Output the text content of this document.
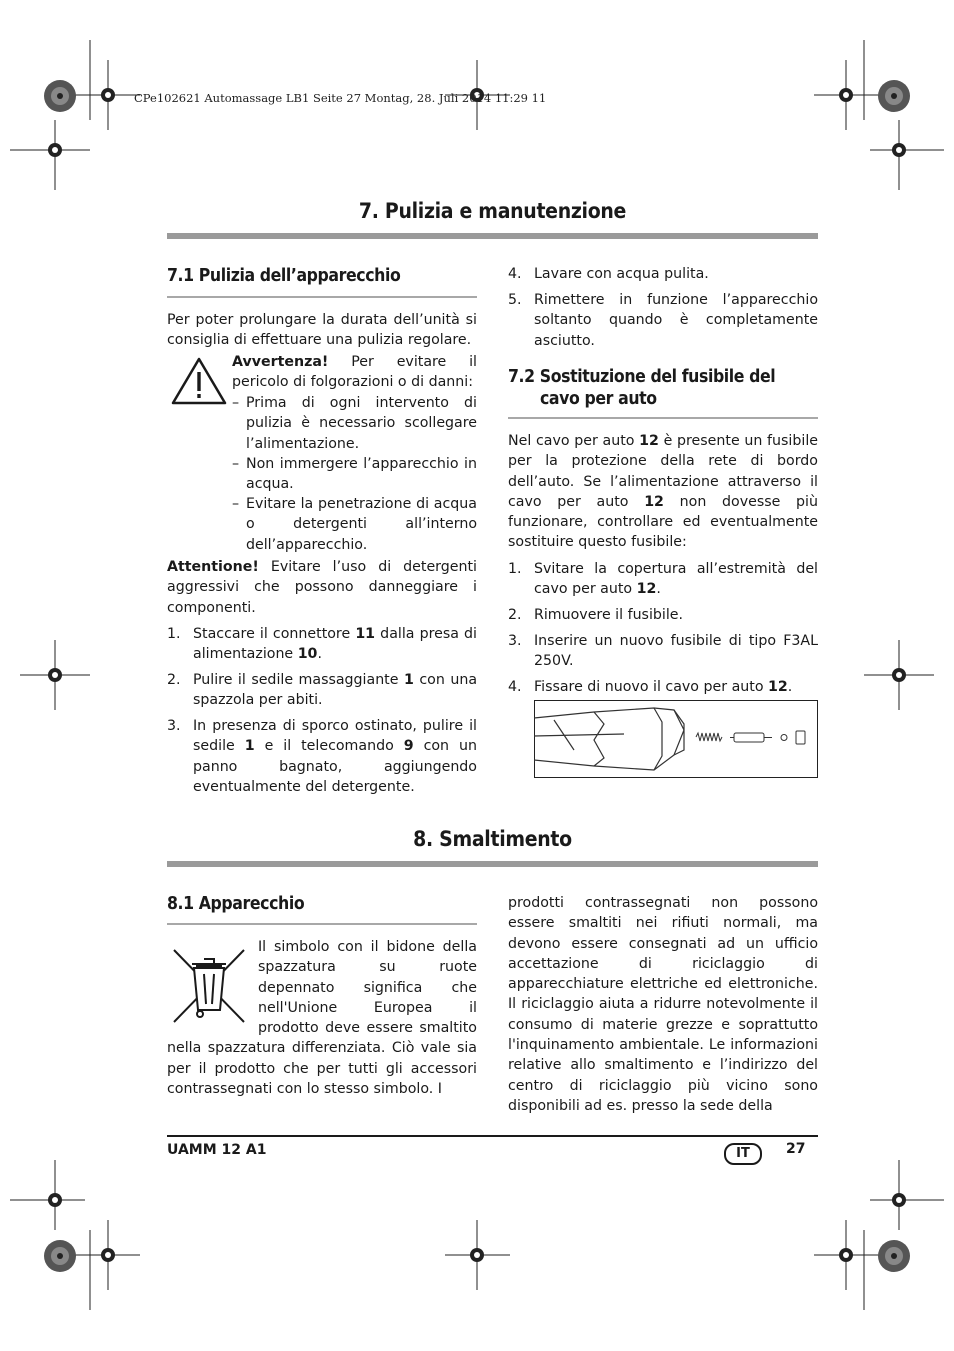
CPe102621 Automassage LB1 Seite 27 Montag, 28. Juli 2014 11:29 11
7. Pulizia e manutenzione
7.1 Pulizia dell’apparecchio
Per poter prolungare la durata dell’unità si consiglia di effettuare una pulizia regolare.
Avvertenza! Per evitare il pericolo di folgorazioni o di danni:
– Prima di ogni intervento di pulizia è necessario scollegare l’alimentazione.
– Non immergere l’apparecchio in acqua.
– Evitare la penetrazione di acqua o detergenti all’interno dell’apparecchio.
Attentione! Evitare l’uso di detergenti aggressivi che possono danneggiare i componenti.
1. Staccare il connettore 11 dalla presa di alimentazione 10.
2. Pulire il sedile massaggiante 1 con una spazzola per abiti.
3. In presenza di sporco ostinato, pulire il sedile 1 e il telecomando 9 con un panno bagnato, aggiungendo eventualmente del detergente.
4. Lavare con acqua pulita.
5. Rimettere in funzione l’apparecchio soltanto quando è completamente asciutto.
7.2 Sostituzione del fusibile del cavo per auto
Nel cavo per auto 12 è presente un fusibile per la protezione della rete di bordo dell’auto. Se l’alimentazione attraverso il cavo per auto 12 non dovesse più funzionare, controllare ed eventualmente sostituire questo fusibile:
1. Svitare la copertura all’estremità del cavo per auto 12.
2. Rimuovere il fusibile.
3. Inserire un nuovo fusibile di tipo F3AL 250V.
4. Fissare di nuovo il cavo per auto 12.
8. Smaltimento
8.1 Apparecchio
Il simbolo con il bidone della spazzatura su ruote depennato significa che nell'Unione Europea il prodotto deve essere smaltito nella spazzatura differenziata. Ciò vale sia per il prodotto che per tutti gli accessori contrassegnati con lo stesso simbolo. I
prodotti contrassegnati non possono essere smaltiti nei rifiuti normali, ma devono essere consegnati ad un ufficio accettazione di riciclaggio di apparecchiature elettriche ed elettroniche. Il riciclaggio aiuta a ridurre notevolmente il consumo di materie grezze e soprattutto l'inquinamento ambientale. Le informazioni relative allo smaltimento e l’indirizzo del centro di riciclaggio più vicino sono disponibili ad es. presso la sede della
UAMM 12 A1	IT	27
